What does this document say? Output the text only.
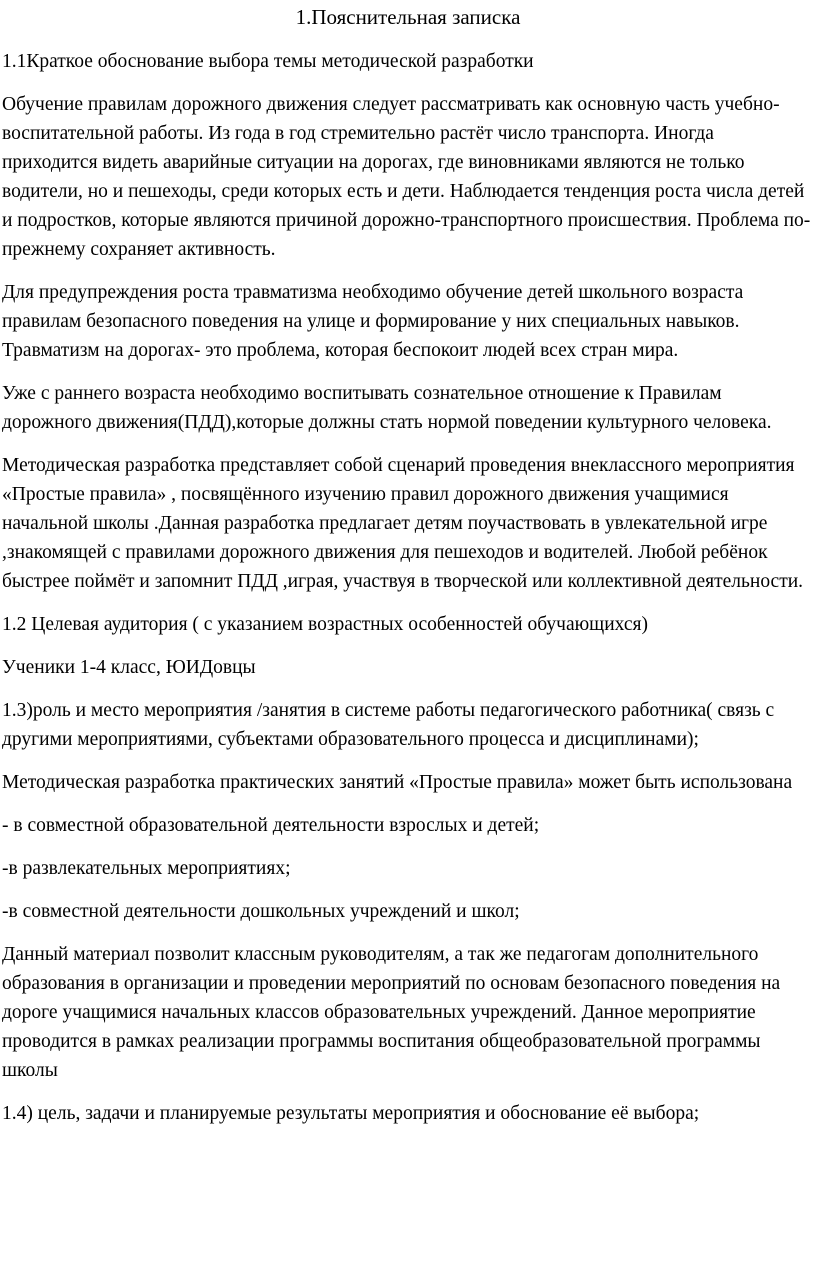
1.Пояснительная записка

1.1Краткое обоснование выбора темы методической разработки

Обучение правилам дорожного движения следует рассматривать как основную часть учебно-воспитательной работы. Из года в год стремительно растёт число транспорта. Иногда приходится видеть аварийные ситуации на дорогах, где виновниками являются не только водители, но и пешеходы, среди которых есть и дети. Наблюдается тенденция роста числа детей и подростков, которые являются причиной дорожно-транспортного происшествия. Проблема по-прежнему сохраняет активность.

Для предупреждения роста травматизма необходимо обучение детей школьного возраста правилам безопасного поведения на улице и формирование у них специальных навыков. Травматизм на дорогах- это проблема, которая беспокоит людей всех стран мира.

Уже с раннего возраста необходимо воспитывать сознательное отношение к Правилам дорожного движения(ПДД),которые должны стать нормой поведении культурного человека.

Методическая разработка представляет собой сценарий проведения внеклассного мероприятия «Простые правила» , посвящённого изучению правил дорожного движения учащимися начальной школы .Данная разработка предлагает детям поучаствовать в увлекательной игре ,знакомящей с правилами дорожного движения для пешеходов и водителей. Любой ребёнок быстрее поймёт и запомнит ПДД ,играя, участвуя в творческой или коллективной деятельности.

1.2 Целевая аудитория ( с указанием возрастных особенностей обучающихся)

Ученики 1-4 класс, ЮИДовцы

1.3)роль и место мероприятия /занятия в системе работы педагогического работника( связь с другими мероприятиями, субъектами образовательного процесса и дисциплинами);

Методическая разработка практических занятий «Простые правила» может быть использована

- в совместной образовательной деятельности взрослых и детей;

-в развлекательных мероприятиях;

-в совместной деятельности дошкольных учреждений и школ;

Данный материал позволит классным руководителям, а так же педагогам дополнительного образования в организации и проведении мероприятий по основам безопасного поведения на дороге учащимися начальных классов образовательных учреждений. Данное мероприятие проводится в рамках реализации программы воспитания общеобразовательной программы школы

1.4) цель, задачи и планируемые результаты мероприятия и обоснование её выбора;
